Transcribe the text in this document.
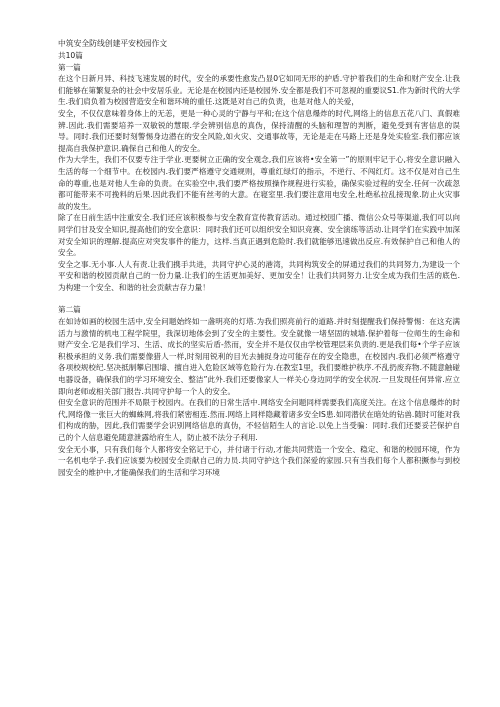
中筑安全防线创建平安校园作文

共10篇

第一篇

在这个日新月异、科技飞速发展的时代，安全的承要性愈发凸显0它如同无形的护盾.守护着我们的生命和财产安全.让我们能够在第繁复杂的社会中安居乐业。无论是在校园内还是校园外.安全都是我们不可忽视的重要议S1.作为新时代的大学生.我们肩负着为校园营造安全和谐环境的重任.这既是对自己的负责，也是对他人的关爱，

安全，不仅仅意味着身体上的无恙，更是一种心灵的宁静与平和;在这个信息爆炸的时代,网络上的信息五花八门、真假难辨.因此.我们需要培养一双敏锐的慧眼.学会辨别信息的真伪，保持清醒的头脑和理智的判断，避免受到有害信息的误导。同时.我们还要时刻警惕身边潜在的安全风险,如火灾、交通事故等，无论是走在马路上还是身处实验室.我们都应该提高自我保护意识.确保自己和他人的安全。

作为大学生，我们不仅要专注于学业.更要树立正确的安全观念,我们应该将•安全第一”的原则牢记于心,将安全意识融入生活的每一个细节中。在校园内.我们要严格遵守交通规则，尊重红绿灯的指示，不逆行、不闯红灯。这不仅是对自己生命的尊重,也是对他人生命的负责。在实验空中,我们要严格按照操作规程进行实验，确保实验过程的安全.任何一次疏忽都可能带来不可挽料的后果.因此我们不能有丝考的大意。在寝室里.我们要注意用电安全,杜绝私拉乱接现象.防止火灾事故的发生。

除了在日前生活中注重安全.我们还应该积极参与安全教育宣传教育活动。通过校园广播、微信公众号等渠道,我们可以向同学们甘及安全知识,提高他们的安全意识：同时我们还可以组织安全知识竞赛、安全演练等活动.让同学们在实践中加深对安全知识的理解.提高应对突发事件的能力，这样.当真正遇到危险时.我们就能够迅速做出反应.有效保护自己和他人的安全。

安全之事.无小事.人人有责.让我们携手共进，共同守护心灵的港湾，共同构筑安全的屏通过我们的共同努力,为建设一个平安和谐的校园贡献自己的一份力量.让我们的生活更加美好、更加安全！让我们共同努力.让安全成为我们生活的底色.为构建一个安全、和谐的社会贡献吉存力量！

第二篇

在如诗如画的校园生活中,安全问题始终如一盏明亮的灯塔.为我们照亮前行的道路.并时刻提醒我们保持警惕：在这充满活力与激情的机电工程学院里，我深切地体会到了安全的主要性。安全就像一堵坚固的城墙.保护着每一位师生的生命和财产安全.它是我们学习、生活、成长的坚实后盾-然而，安全并不是仅仅由学校管理层来负责的.更是我们每•个学子应该积极承担的义务.我们需要像猎人一样,时刻用锐利的目光去捕捉身边可能存在的安全隐患，在校园内.我们必须严格遵守各项校规校纪.坚决抵制攀启围墙、擅自进入危险区域等危险行为.在教室1里，我们要维护秩序.不乱扔废弃物.不随意触碰电器设备，确保我们的学习环境安全、整洁”此外.我们还要像家人一样关心身边同学的安全状况.一旦发现任何异常.应立即向老师或相关部门报告.共同守护每一个人的安全。

但安全意识的范围并不局限于校园内。在我们的日常生活中.网络安全问题同样需要我们高度关注。在这个信息爆炸的时代,网络像一张巨大的蜘蛛网,将我们紧密相连.然而.网络上同样隐藏着诸多安全IS患.如同潜伏在暗处的钻兽.随时可能对我们构成的胁，因此,我们需要学会识别网络信息的真伪，不轻信陌生人的言论.以免上当受骗：同时.我们还要妥芒保护自己的个人信息避免随意泄露给府生人，防止被不法分子利用.

安全无小事，只有我们每个人都将安全铭记于心，并付诸于行动,才能共同营造一个安全、稳定、和谐的校园环境，作为一名机电学子.我们应该要为校园安全贡献自己的力员.共同守护这个我们深爱的家园.只有当我们每个人都积撅参与到校园安全的维护中,才能确保我们的生活和学习环境
